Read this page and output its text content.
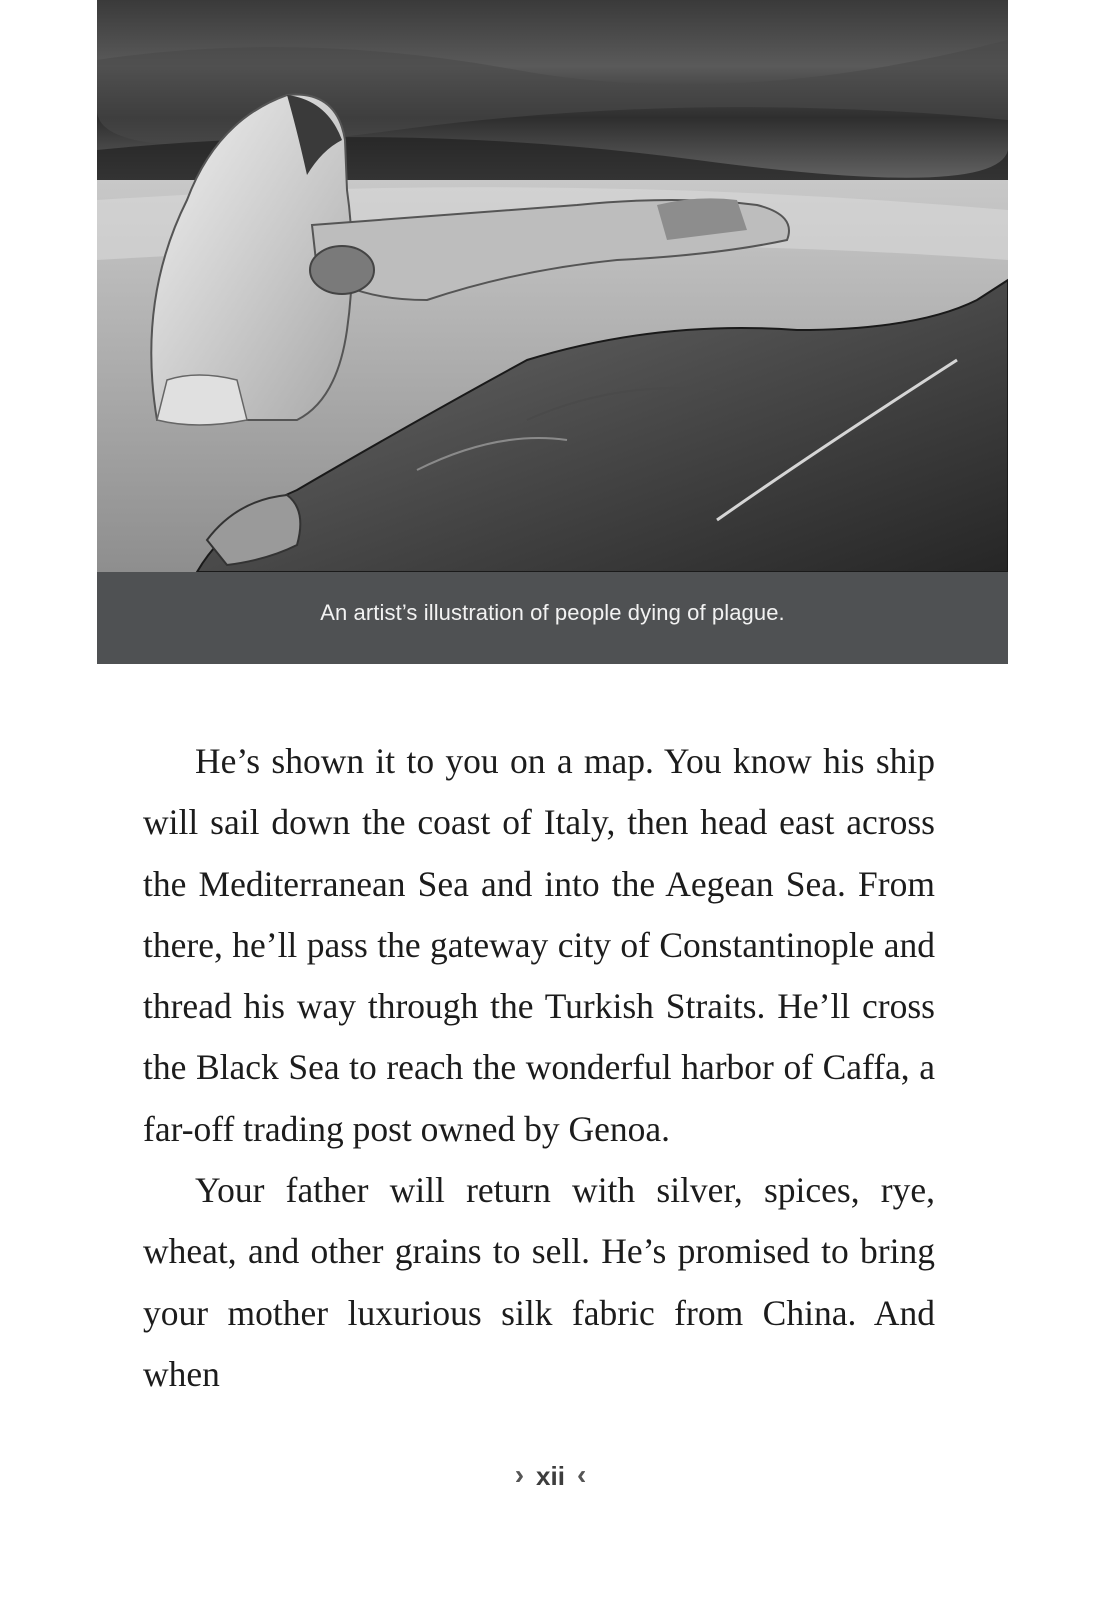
An artist’s illustration of people dying of plague.

He’s shown it to you on a map. You know his ship will sail down the coast of Italy, then head east across the Mediterranean Sea and into the Aegean Sea. From there, he’ll pass the gateway city of Constantinople and thread his way through the Turkish Straits. He’ll cross the Black Sea to reach the wonderful harbor of Caffa, a far-off trading post owned by Genoa.

Your father will return with silver, spices, rye, wheat, and other grains to sell. He’s promised to bring your mother luxurious silk fabric from China. And when

› xii ‹
